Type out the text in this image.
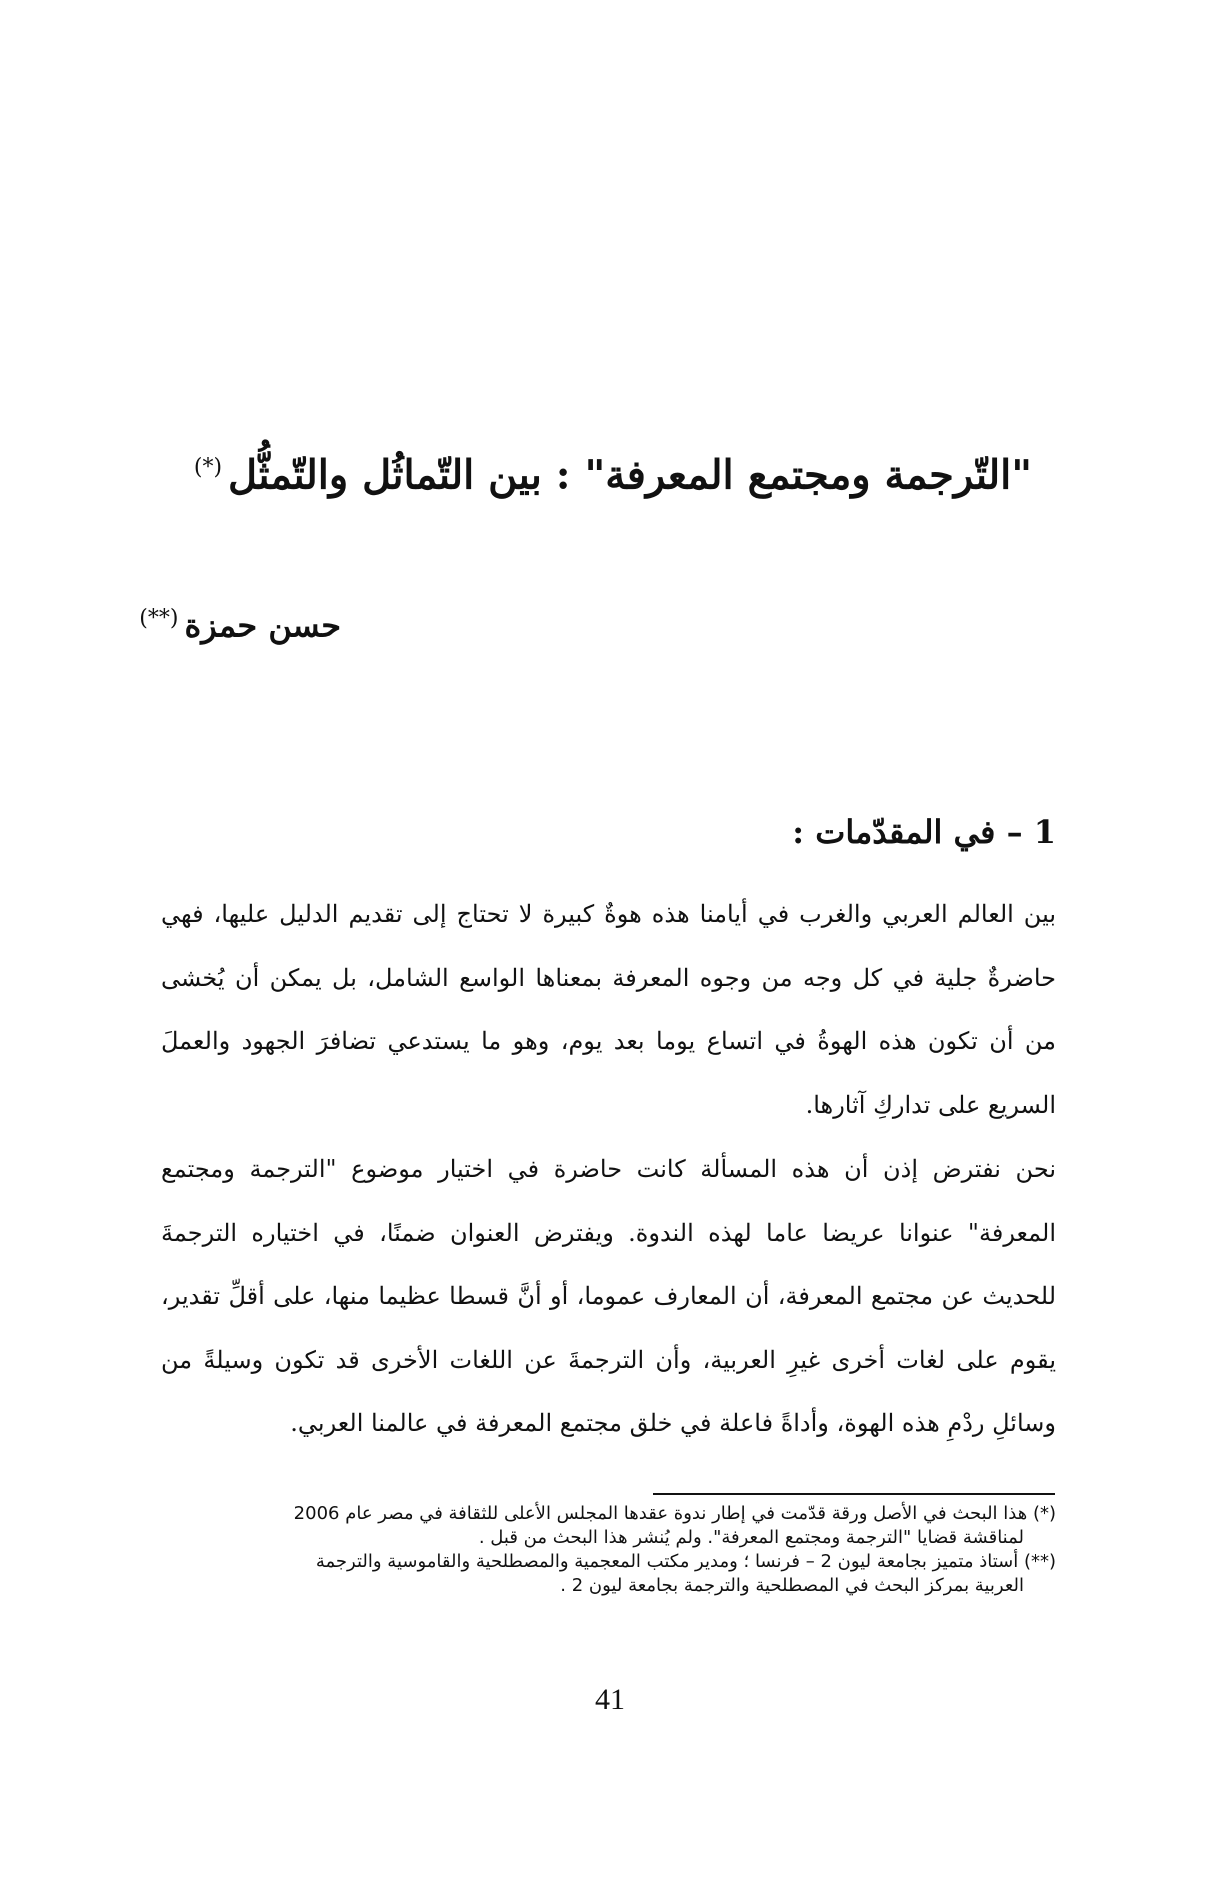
"التّرجمة ومجتمع المعرفة" : بين التّماثُل والتّمثُّل(*)
حسن حمزة(**)
1 – في المقدّمات :

بين العالم العربي والغرب في أيامنا هذه هوةٌ كبيرة لا تحتاج إلى تقديم الدليل عليها، فهي حاضرةٌ جلية في كل وجه من وجوه المعرفة بمعناها الواسع الشامل، بل يمكن أن يُخشى من أن تكون هذه الهوةُ في اتساع يوما بعد يوم، وهو ما يستدعي تضافرَ الجهود والعملَ السريع على تداركِ آثارها.

نحن نفترض إذن أن هذه المسألة كانت حاضرة في اختيار موضوع "الترجمة ومجتمع المعرفة" عنوانا عريضا عاما لهذه الندوة. ويفترض العنوان ضمنًا، في اختياره الترجمةَ للحديث عن مجتمع المعرفة، أن المعارف عموما، أو أنَّ قسطا عظيما منها، على أقلِّ تقدير، يقوم على لغات أخرى غيرِ العربية، وأن الترجمةَ عن اللغات الأخرى قد تكون وسيلةً من وسائلِ ردْمِ هذه الهوة، وأداةً فاعلة في خلق مجتمع المعرفة في عالمنا العربي.

(*) هذا البحث في الأصل ورقة قدّمت في إطار ندوة عقدها المجلس الأعلى للثقافة في مصر عام 2006

لمناقشة قضايا "الترجمة ومجتمع المعرفة". ولم يُنشر هذا البحث من قبل .

(**) أستاذ متميز بجامعة ليون 2 – فرنسا ؛ ومدير مكتب المعجمية والمصطلحية والقاموسية والترجمة

العربية بمركز البحث في المصطلحية والترجمة بجامعة ليون 2 .

41
